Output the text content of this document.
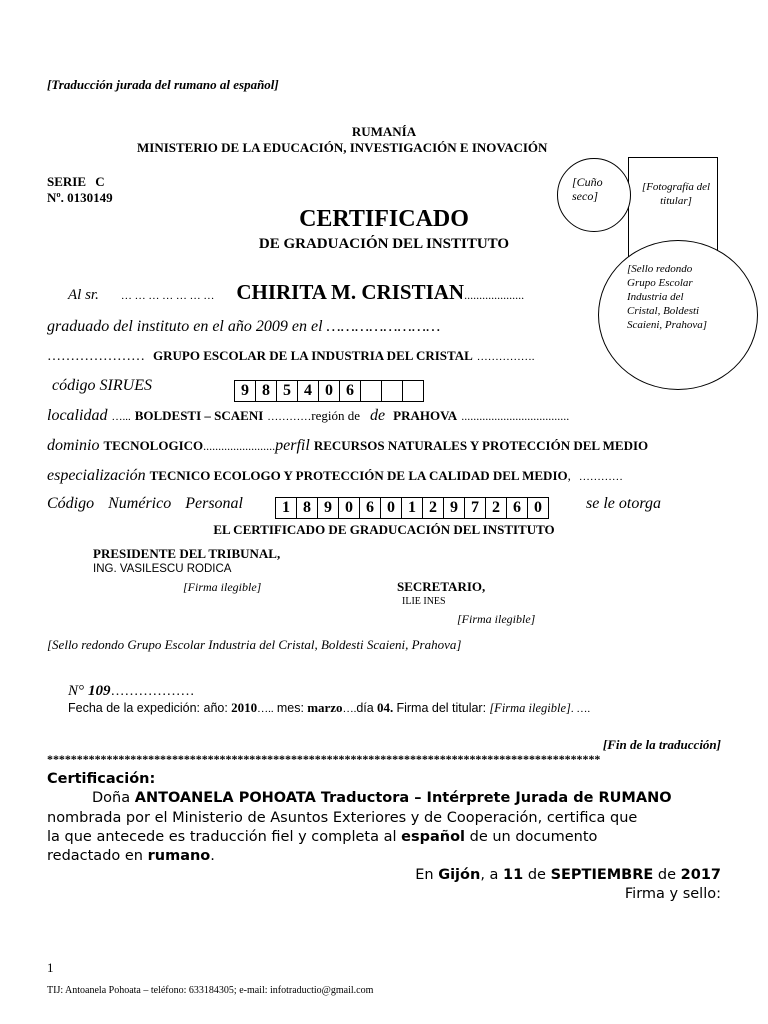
[Traducción jurada del rumano al español]
RUMANÍA
MINISTERIO DE LA EDUCACIÓN, INVESTIGACIÓN E INOVACIÓN
SERIE C
Nº. 0130149
[Fotografía del titular]
[Cuño seco]
[Sello redondo Grupo Escolar Industria del Cristal, Boldesti Scaieni, Prahova]
CERTIFICADO
DE GRADUACIÓN DEL INSTITUTO
Al sr. … … … … … … … CHIRITA M. CRISTIAN....................
graduado del instituto en el año 2009 en el ……………………
………………… GRUPO ESCOLAR DE LA INDUSTRIA DEL CRISTAL …………….
código SIRUES	9 8 5 4 0 6
localidad …... BOLDESTI – SCAENI …………región de de PRAHOVA ....................................
dominio TECNOLOGICO........................perfil RECURSOS NATURALES Y PROTECCIÓN DEL MEDIO
especialización TECNICO ECOLOGO Y PROTECCIÓN DE LA CALIDAD DEL MEDIO, …………
Código Numérico Personal	1 8 9 0 6 0 1 2 9 7 2 6 0	se le otorga
EL CERTIFICADO DE GRADUCACIÓN DEL INSTITUTO
PRESIDENTE DEL TRIBUNAL,
ING. VASILESCU RODICA
[Firma ilegible]	SECRETARIO,
ILIE INES
[Firma ilegible]
[Sello redondo Grupo Escolar Industria del Cristal, Boldesti Scaieni, Prahova]
N° 109………………
Fecha de la expedición: año: 2010….. mes: marzo….día 04. Firma del titular: [Firma ilegible]. ….
[Fin de la traducción]
*********************************************************************************************
Certificación:
Doña ANTOANELA POHOATA Traductora – Intérprete Jurada de RUMANO
nombrada por el Ministerio de Asuntos Exteriores y de Cooperación, certifica que
la que antecede es traducción fiel y completa al español de un documento
redactado en rumano.
En Gijón, a 11 de SEPTIEMBRE de 2017
Firma y sello:
1
TIJ: Antoanela Pohoata – teléfono: 633184305; e-mail: infotraductio@gmail.com
